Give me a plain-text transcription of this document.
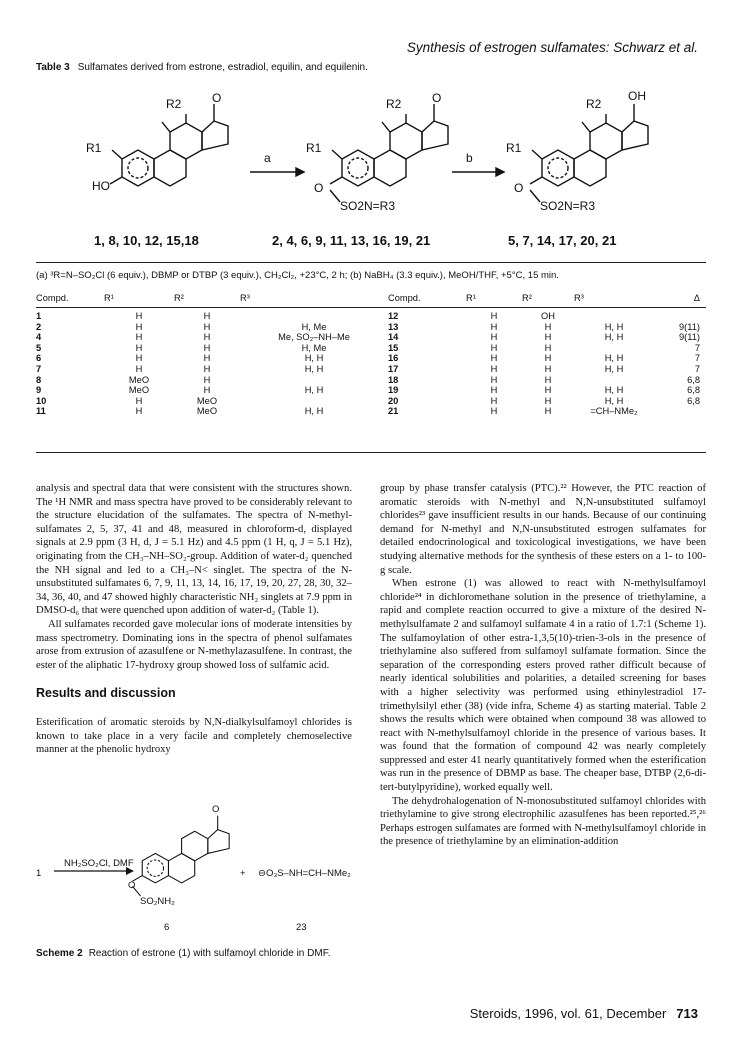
Synthesis of estrogen sulfamates: Schwarz et al.
Table 3 Sulfamates derived from estrone, estradiol, equilin, and equilenin.
R2	O
R1
HO
R2	O
R1
O
SO2N=R3
R2
OH
R1
O
SO2N=R3
a	b
1, 8, 10, 12, 15,18	2, 4, 6, 9, 11, 13, 16, 19, 21	5, 7, 14, 17, 20, 21
(a) ³R=N–SO₂Cl (6 equiv.), DBMP or DTBP (3 equiv.), CH₂Cl₂, +23°C, 2 h; (b) NaBH₄ (3.3 equiv.), MeOH/THF, +5°C, 15 min.
Compd.	R¹	R²	R³	Compd.	R¹	R²	R³	Δ
1	H	H		12	H	OH		
2	H	H	H, Me	13	H	H	H, H	9(11)
4	H	H	Me, SO₂–NH–Me	14	H	H	H, H	9(11)
5	H	H	H, Me	15	H	H		7
6	H	H	H, H	16	H	H	H, H	7
7	H	H	H, H	17	H	H	H, H	7
8	MeO	H		18	H	H		6,8
9	MeO	H	H, H	19	H	H	H, H	6,8
10	H	MeO		20	H	H	H, H	6,8
11	H	MeO	H, H	21	H	H	=CH–NMe₂	

analysis and spectral data that were consistent with the structures shown. The ¹H NMR and mass spectra have proved to be considerably relevant to the structure elucidation of the sulfamates. The spectra of N-methyl-sulfamates 2, 5, 37, 41 and 48, measured in chloroform-d, displayed signals at 2.9 ppm (3 H, d, J = 5.1 Hz) and 4.5 ppm (1 H, q, J = 5.1 Hz), originating from the CH₃–NH–SO₂-group. Addition of water-d₂ quenched the NH signal and led to a CH₃–N< singlet. The spectra of the N-unsubstituted sulfamates 6, 7, 9, 11, 13, 14, 16, 17, 19, 20, 27, 28, 30, 32–34, 36, 40, and 47 showed highly characteristic NH₂ singlets at 7.9 ppm in DMSO-d₆ that were quenched upon addition of water-d₂ (Table 1).

All sulfamates recorded gave molecular ions of moderate intensities by mass spectrometry. Dominating ions in the spectra of phenol sulfamates arose from extrusion of azasulfene or N-methylazasulfene. In contrast, the ester of the aliphatic 17-hydroxy group showed loss of sulfamic acid.

Results and discussion

Esterification of aromatic steroids by N,N-dialkylsulfamoyl chlorides is known to take place in a very facile and completely chemoselective manner at the phenolic hydroxy

1
NH₂SO₂Cl, DMF
O
O
SO₂NH₂
+ ⊖O₃S–NH=CH–NMe₂
6	23
Scheme 2 Reaction of estrone (1) with sulfamoyl chloride in DMF.

group by phase transfer catalysis (PTC).²² However, the PTC reaction of aromatic steroids with N-methyl and N,N-unsubstituted sulfamoyl chlorides²³ gave insufficient results in our hands. Because of our continuing demand for N-methyl and N,N-unsubstituted estrogen sulfamates for detailed endocrinological and toxicological investigations, we have been studying alternative methods for the synthesis of these esters on a 1- to 100-g scale.

When estrone (1) was allowed to react with N-methylsulfamoyl chloride²⁴ in dichloromethane solution in the presence of triethylamine, a rapid and complete reaction occurred to give a mixture of the desired N-methylsulfamate 2 and sulfamoyl sulfamate 4 in a ratio of 1.7:1 (Scheme 1). The sulfamoylation of other estra-1,3,5(10)-trien-3-ols in the presence of triethylamine also suffered from sulfamoyl sulfamate formation. Since the separation of the corresponding esters proved rather difficult because of nearly identical solubilities and polarities, a detailed screening for bases with a higher selectivity was performed using ethinylestradiol 17-trimethylsilyl ether (38) (vide infra, Scheme 4) as starting material. Table 2 shows the results which were obtained when compound 38 was allowed to react with N-methylsulfamoyl chloride in the presence of various bases. It was found that the formation of compound 42 was nearly completely suppressed and ester 41 nearly quantitatively formed when the esterification was run in the presence of DBMP as base. The cheaper base, DTBP (2,6-di-tert-butylpyridine), worked equally well.

The dehydrohalogenation of N-monosubstituted sulfamoyl chlorides with triethylamine to give strong electrophilic azasulfenes has been reported.²⁵,²⁶ Perhaps estrogen sulfamates are formed with N-methylsulfamoyl chloride in the presence of triethylamine by an elimination-addition

Steroids, 1996, vol. 61, December 713
